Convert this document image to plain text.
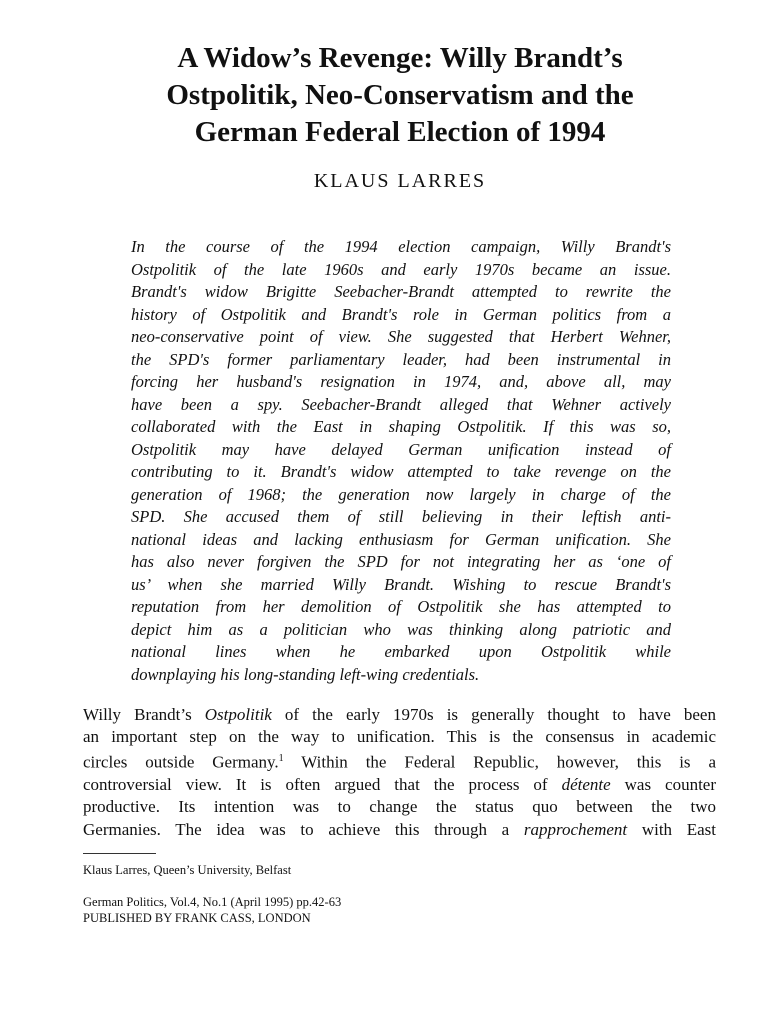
A Widow’s Revenge: Willy Brandt’s
Ostpolitik, Neo-Conservatism and the
German Federal Election of 1994

KLAUS LARRES

In the course of the 1994 election campaign, Willy Brandt's
Ostpolitik of the late 1960s and early 1970s became an issue.
Brandt's widow Brigitte Seebacher-Brandt attempted to rewrite the
history of Ostpolitik and Brandt's role in German politics from a
neo-conservative point of view. She suggested that Herbert Wehner,
the SPD's former parliamentary leader, had been instrumental in
forcing her husband's resignation in 1974, and, above all, may
have been a spy. Seebacher-Brandt alleged that Wehner actively
collaborated with the East in shaping Ostpolitik. If this was so,
Ostpolitik may have delayed German unification instead of
contributing to it. Brandt's widow attempted to take revenge on the
generation of 1968; the generation now largely in charge of the
SPD. She accused them of still believing in their leftish anti-
national ideas and lacking enthusiasm for German unification. She
has also never forgiven the SPD for not integrating her as ‘one of
us’ when she married Willy Brandt. Wishing to rescue Brandt's
reputation from her demolition of Ostpolitik she has attempted to
depict him as a politician who was thinking along patriotic and
national lines when he embarked upon Ostpolitik while
downplaying his long-standing left-wing credentials.

Willy Brandt’s Ostpolitik of the early 1970s is generally thought to have been
an important step on the way to unification. This is the consensus in academic
circles outside Germany.$^1$ Within the Federal Republic, however, this is a
controversial view. It is often argued that the process of détente was counter
productive. Its intention was to change the status quo between the two
Germanies. The idea was to achieve this through a rapprochement with East

Klaus Larres, Queen’s University, Belfast

German Politics, Vol.4, No.1 (April 1995) pp.42-63
PUBLISHED BY FRANK CASS, LONDON
